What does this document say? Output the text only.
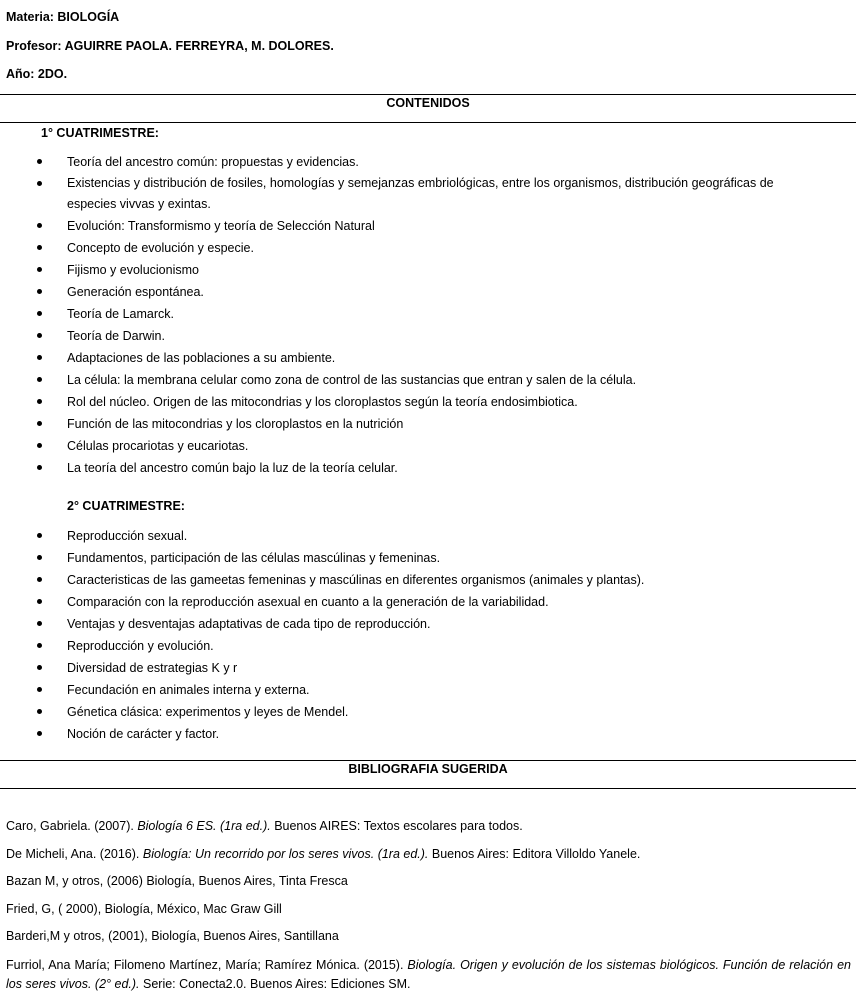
Materia: BIOLOGÍA
Profesor: AGUIRRE PAOLA. FERREYRA, M. DOLORES.
Año: 2DO.
CONTENIDOS
1° CUATRIMESTRE:
Teoría del ancestro común: propuestas y evidencias.
Existencias y distribución de fosiles, homologías y semejanzas embriológicas, entre los organismos, distribución geográficas de
especies vivvas y exintas.
Evolución: Transformismo y teoría de Selección Natural
Concepto de evolución y especie.
Fijismo y evolucionismo
Generación espontánea.
Teoría de Lamarck.
Teoría de Darwin.
Adaptaciones de las poblaciones a su ambiente.
La célula: la membrana celular como zona de control de las sustancias que entran y salen de la célula.
Rol del núcleo. Origen de las mitocondrias y los cloroplastos según la teoría endosimbiotica.
Función de las mitocondrias y los cloroplastos en la nutrición
Células procariotas y eucariotas.
La teoría del ancestro común bajo la luz de la teoría celular.
2° CUATRIMESTRE:
Reproducción sexual.
Fundamentos, participación de las células mascúlinas y femeninas.
Caracteristicas de las gameetas femeninas y mascúlinas en diferentes organismos (animales y plantas).
Comparación con la reproducción asexual en cuanto a la generación de la variabilidad.
Ventajas y desventajas adaptativas de cada tipo de reproducción.
Reproducción y evolución.
Diversidad de estrategias K y r
Fecundación en animales interna y externa.
Génetica clásica: experimentos y leyes de Mendel.
Noción de carácter y factor.
BIBLIOGRAFIA SUGERIDA
Caro, Gabriela. (2007). Biología 6 ES. (1ra ed.). Buenos AIRES: Textos escolares para todos.
De Micheli, Ana. (2016). Biología: Un recorrido por los seres vivos. (1ra ed.). Buenos Aires: Editora Villoldo Yanele.
Bazan M, y otros, (2006) Biología, Buenos Aires, Tinta Fresca
Fried, G, ( 2000), Biología, México, Mac Graw Gill
Barderi,M y otros, (2001), Biología, Buenos Aires, Santillana
Furriol, Ana María; Filomeno Martínez, María; Ramírez Mónica. (2015). Biología. Origen y evolución de los sistemas biológicos. Función de relación en los seres vivos. (2° ed.). Serie: Conecta2.0. Buenos Aires: Ediciones SM.
